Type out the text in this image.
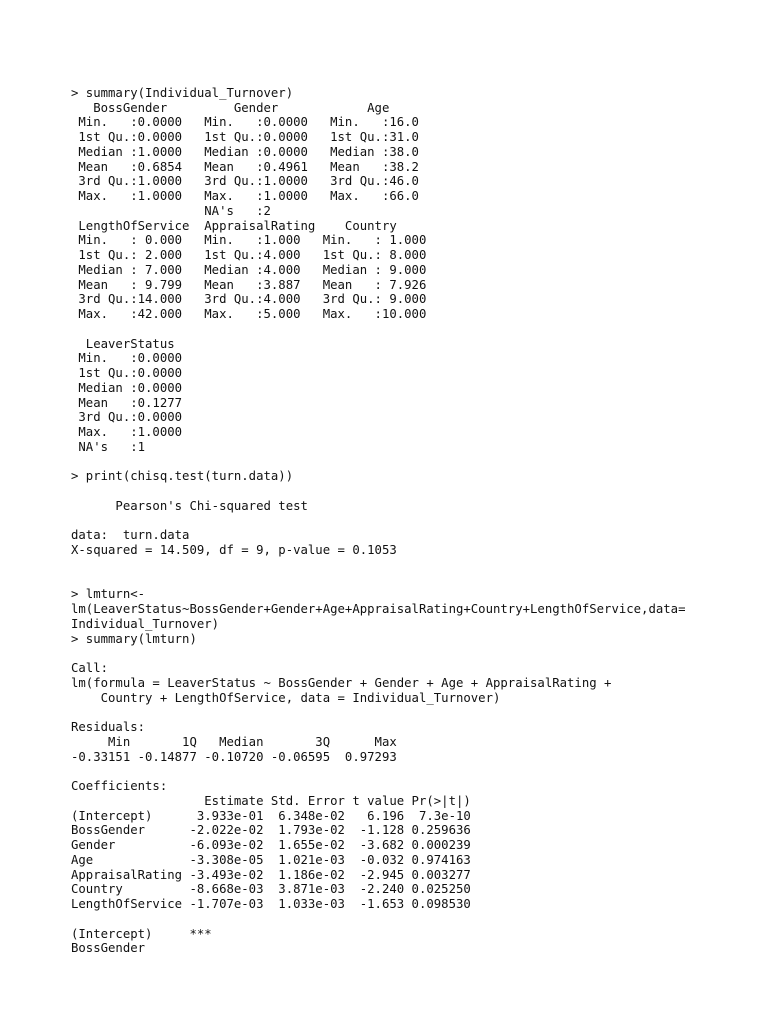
> summary(Individual_Turnover)
BossGender         Gender            Age
Min.   :0.0000   Min.   :0.0000   Min.   :16.0
1st Qu.:0.0000   1st Qu.:0.0000   1st Qu.:31.0
Median :1.0000   Median :0.0000   Median :38.0
Mean   :0.6854   Mean   :0.4961   Mean   :38.2
3rd Qu.:1.0000   3rd Qu.:1.0000   3rd Qu.:46.0
Max.   :1.0000   Max.   :1.0000   Max.   :66.0
NA's   :2
LengthOfService  AppraisalRating    Country
Min.   : 0.000   Min.   :1.000   Min.   : 1.000
1st Qu.: 2.000   1st Qu.:4.000   1st Qu.: 8.000
Median : 7.000   Median :4.000   Median : 9.000
Mean   : 9.799   Mean   :3.887   Mean   : 7.926
3rd Qu.:14.000   3rd Qu.:4.000   3rd Qu.: 9.000
Max.   :42.000   Max.   :5.000   Max.   :10.000
LeaverStatus
Min.   :0.0000
1st Qu.:0.0000
Median :0.0000
Mean   :0.1277
3rd Qu.:0.0000
Max.   :1.0000
NA's   :1
> print(chisq.test(turn.data))
Pearson's Chi-squared test
data:  turn.data
X-squared = 14.509, df = 9, p-value = 0.1053
> lmturn<-
lm(LeaverStatus~BossGender+Gender+Age+AppraisalRating+Country+LengthOfService,data=
Individual_Turnover)
> summary(lmturn)
Call:
lm(formula = LeaverStatus ~ BossGender + Gender + Age + AppraisalRating +
Country + LengthOfService, data = Individual_Turnover)
Residuals:
Min       1Q   Median       3Q      Max
-0.33151 -0.14877 -0.10720 -0.06595  0.97293
Coefficients:
Estimate Std. Error t value Pr(>|t|)
(Intercept)      3.933e-01  6.348e-02   6.196  7.3e-10
BossGender      -2.022e-02  1.793e-02  -1.128 0.259636
Gender          -6.093e-02  1.655e-02  -3.682 0.000239
Age             -3.308e-05  1.021e-03  -0.032 0.974163
AppraisalRating -3.493e-02  1.186e-02  -2.945 0.003277
Country         -8.668e-03  3.871e-03  -2.240 0.025250
LengthOfService -1.707e-03  1.033e-03  -1.653 0.098530
(Intercept)     ***
BossGender
